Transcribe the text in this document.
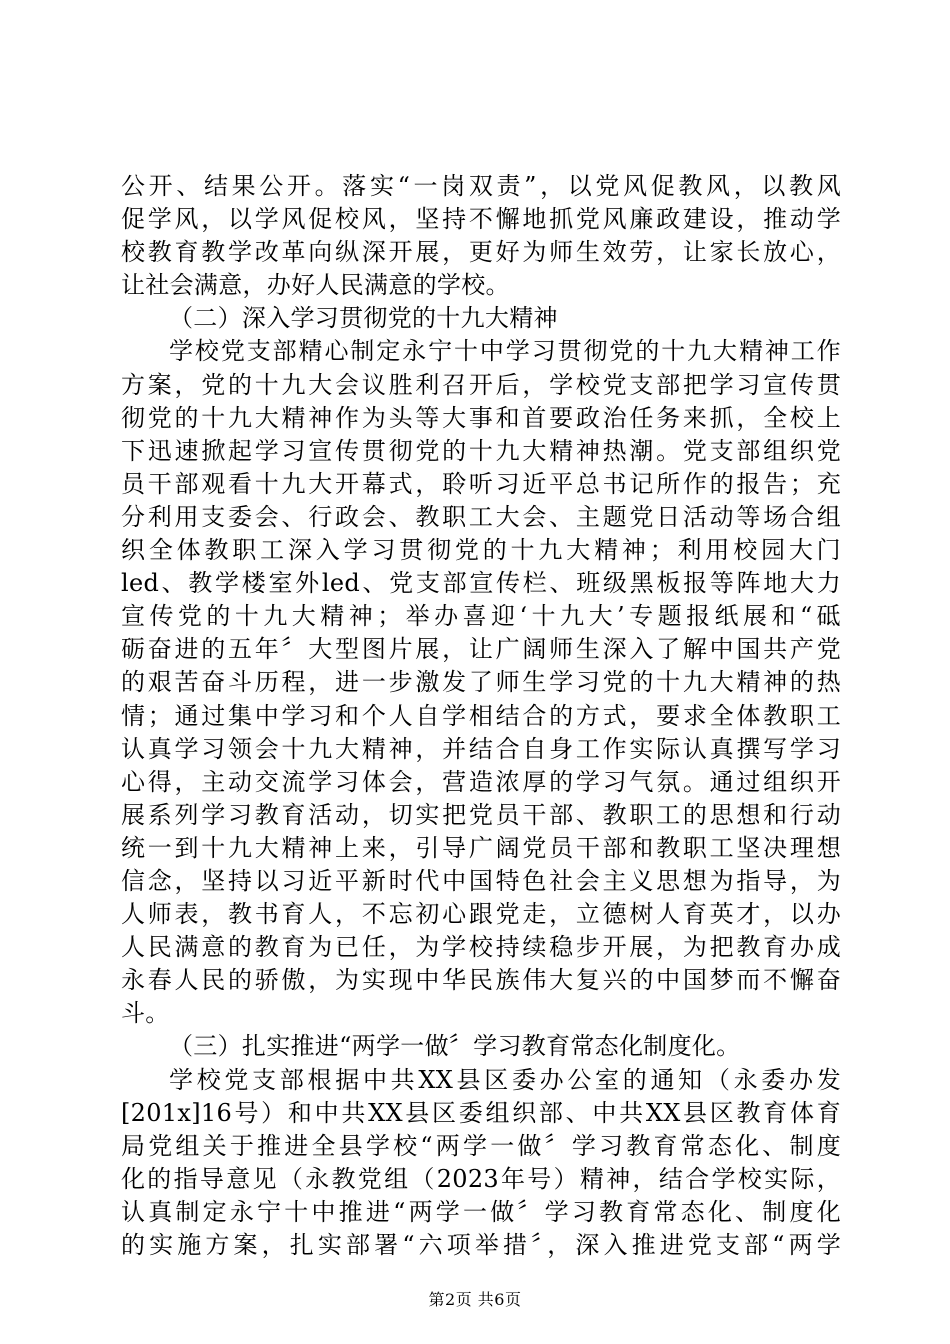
公开、结果公开。落实“一岗双责”，以党风促教风，以教风
促学风，以学风促校风，坚持不懈地抓党风廉政建设，推动学
校教育教学改革向纵深开展，更好为师生效劳，让家长放心，
让社会满意，办好人民满意的学校。
（二）深入学习贯彻党的十九大精神
学校党支部精心制定永宁十中学习贯彻党的十九大精神工作
方案，党的十九大会议胜利召开后，学校党支部把学习宣传贯
彻党的十九大精神作为头等大事和首要政治任务来抓，全校上
下迅速掀起学习宣传贯彻党的十九大精神热潮。党支部组织党
员干部观看十九大开幕式，聆听习近平总书记所作的报告；充
分利用支委会、行政会、教职工大会、主题党日活动等场合组
织全体教职工深入学习贯彻党的十九大精神；利用校园大门
led、教学楼室外led、党支部宣传栏、班级黑板报等阵地大力
宣传党的十九大精神；举办喜迎‘十九大’专题报纸展和“砥
砺奋进的五年〞大型图片展，让广阔师生深入了解中国共产党
的艰苦奋斗历程，进一步激发了师生学习党的十九大精神的热
情；通过集中学习和个人自学相结合的方式，要求全体教职工
认真学习领会十九大精神，并结合自身工作实际认真撰写学习
心得，主动交流学习体会，营造浓厚的学习气氛。通过组织开
展系列学习教育活动，切实把党员干部、教职工的思想和行动
统一到十九大精神上来，引导广阔党员干部和教职工坚决理想
信念，坚持以习近平新时代中国特色社会主义思想为指导，为
人师表，教书育人，不忘初心跟党走，立德树人育英才，以办
人民满意的教育为已任，为学校持续稳步开展，为把教育办成
永春人民的骄傲，为实现中华民族伟大复兴的中国梦而不懈奋
斗。
（三）扎实推进“两学一做〞学习教育常态化制度化。
学校党支部根据中共XX县区委办公室的通知（永委办发
[201x]16号）和中共XX县区委组织部、中共XX县区教育体育
局党组关于推进全县学校“两学一做〞学习教育常态化、制度
化的指导意见（永教党组（2023年号）精神，结合学校实际，
认真制定永宁十中推进“两学一做〞学习教育常态化、制度化
的实施方案，扎实部署“六项举措〞，深入推进党支部“两学
第2页 共6页
